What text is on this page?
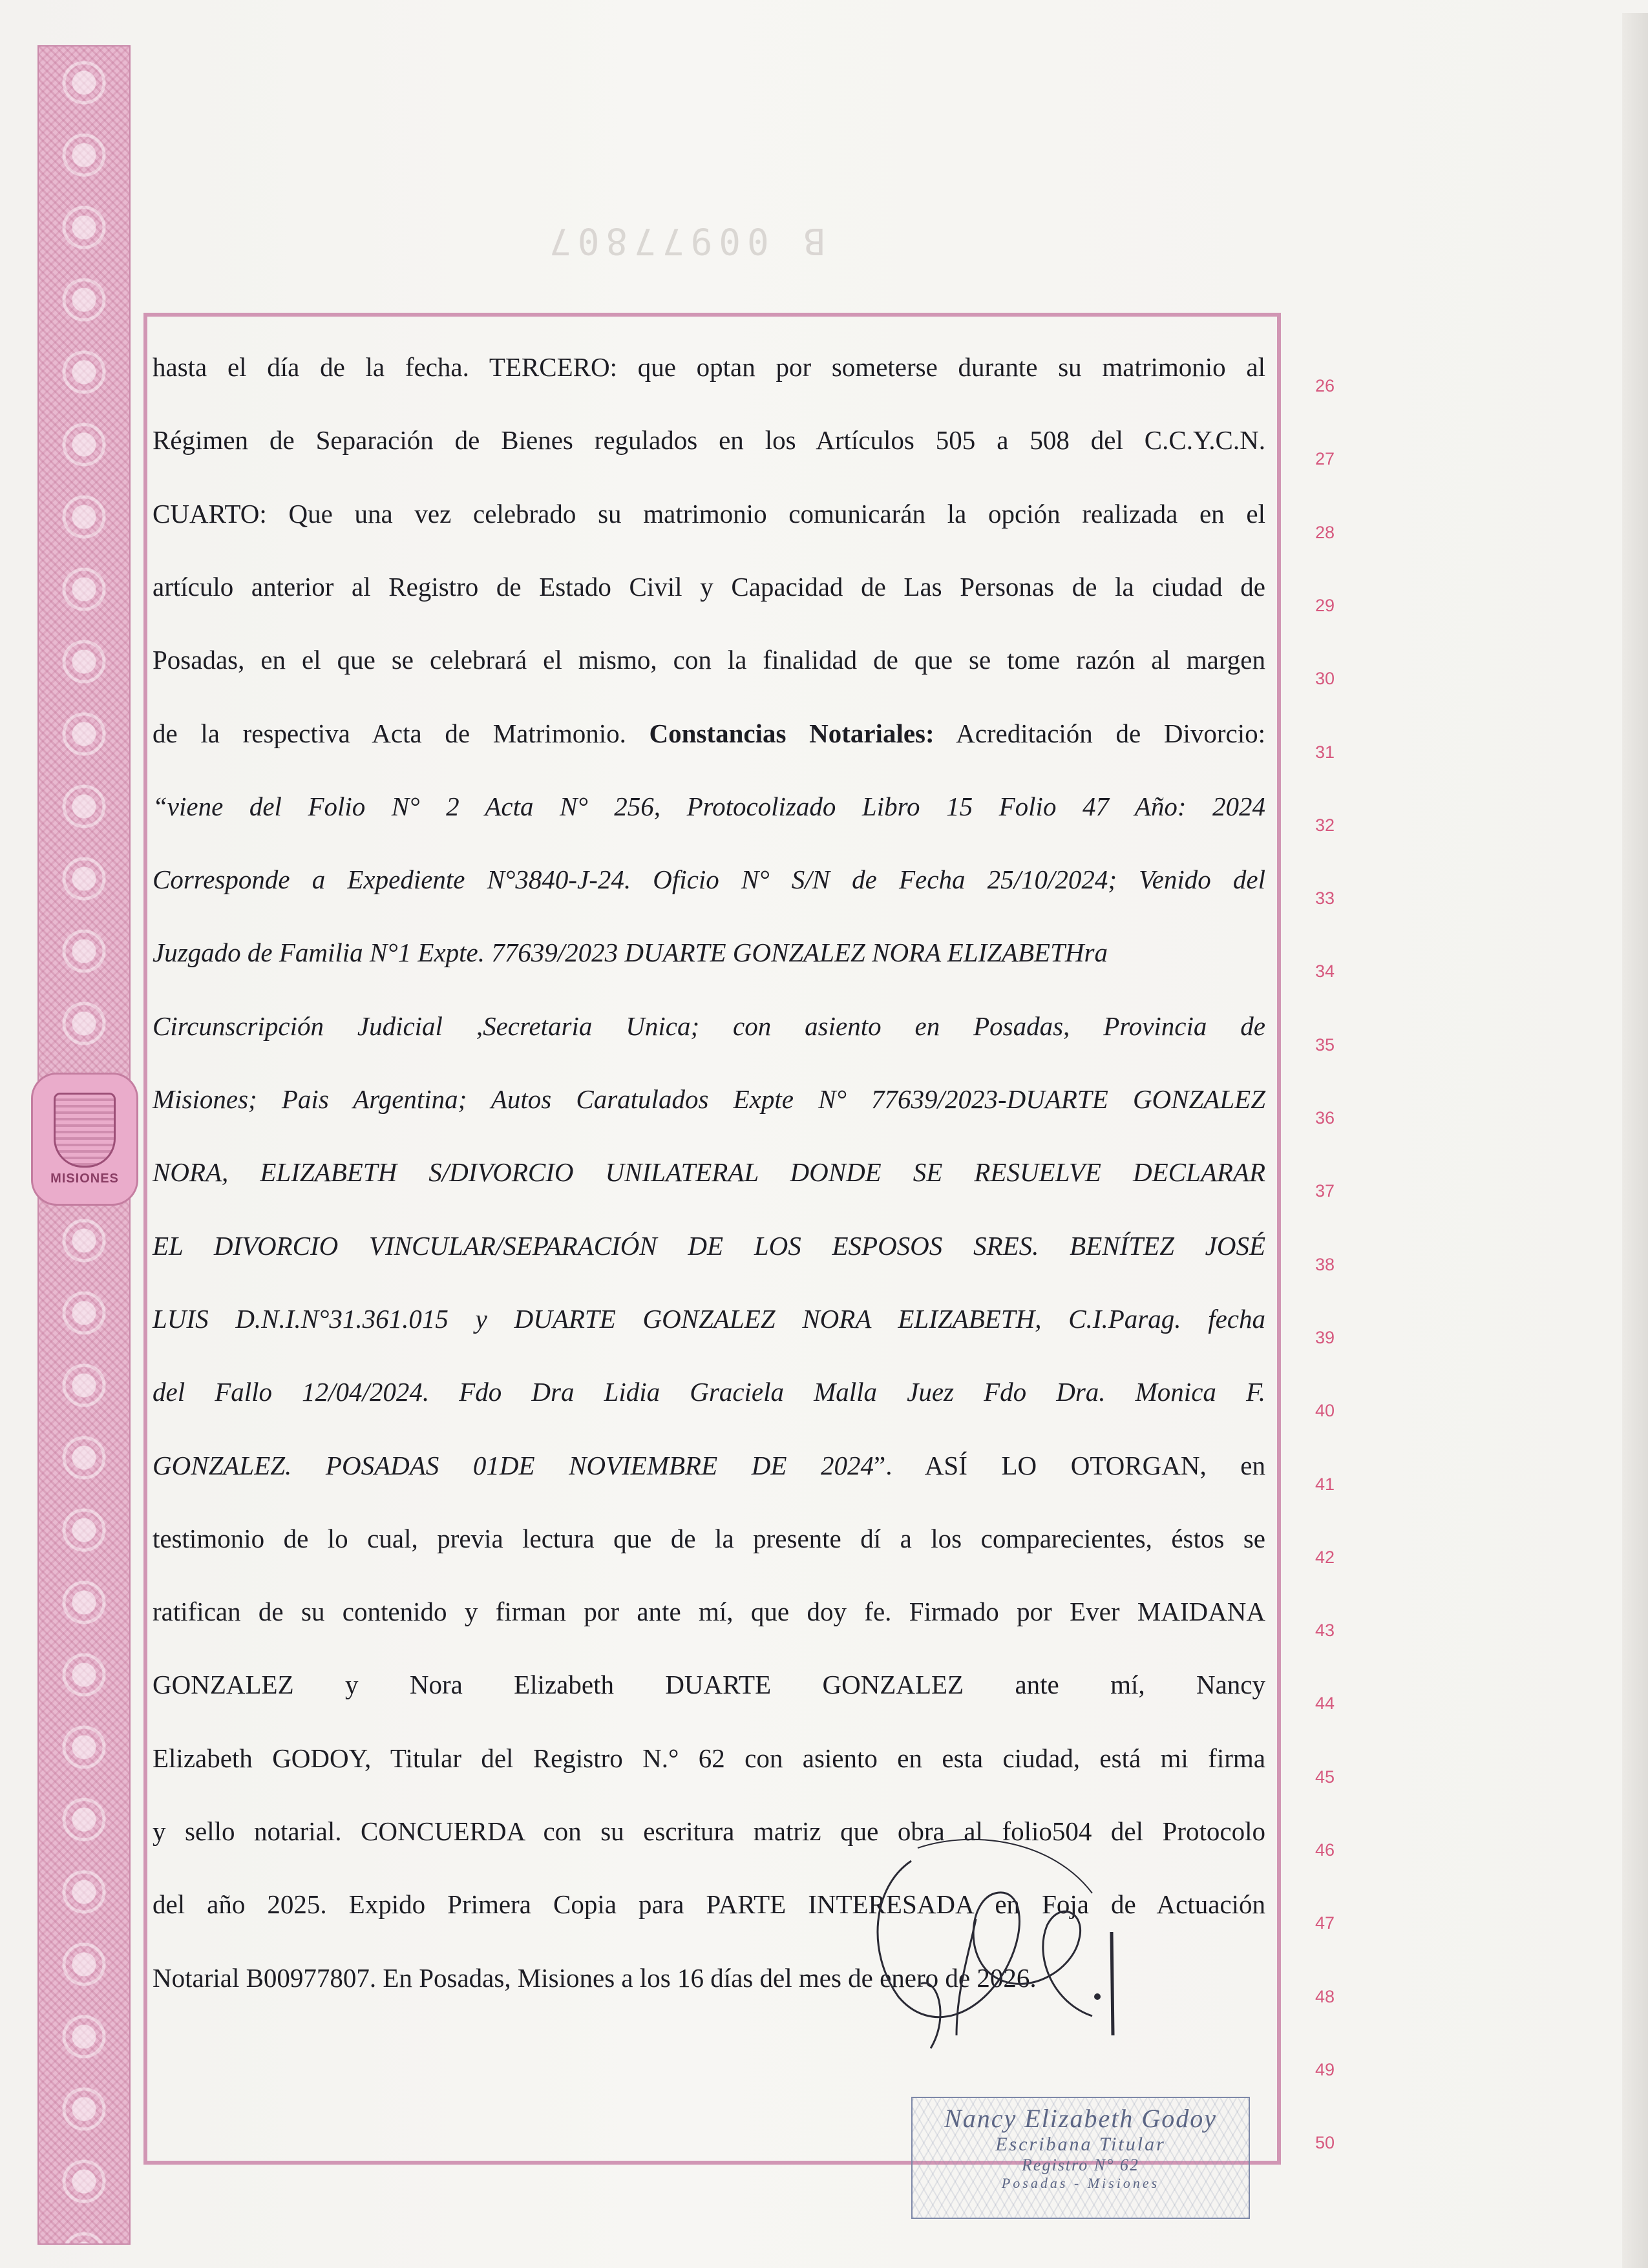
MISIONES
B 00977807
hasta el día de la fecha. TERCERO: que optan por someterse durante su matrimonio al
Régimen de Separación de Bienes regulados en los Artículos 505 a 508 del C.C.Y.C.N.
CUARTO: Que una vez celebrado su matrimonio comunicarán la opción realizada en el
artículo anterior al Registro de Estado Civil y Capacidad de Las Personas de la ciudad de
Posadas, en el que se celebrará el mismo, con la finalidad de que se tome razón al margen
de la respectiva Acta de Matrimonio. Constancias Notariales: Acreditación de Divorcio:
“viene del Folio N° 2 Acta N° 256, Protocolizado Libro 15 Folio 47 Año: 2024
Corresponde a Expediente N°3840-J-24. Oficio N° S/N de Fecha 25/10/2024; Venido del
Juzgado de Familia N°1 Expte. 77639/2023 DUARTE GONZALEZ NORA ELIZABETHra
Circunscripción Judicial ,Secretaria Unica; con asiento en Posadas, Provincia de
Misiones; Pais Argentina; Autos Caratulados Expte N° 77639/2023-DUARTE GONZALEZ
NORA, ELIZABETH S/DIVORCIO UNILATERAL DONDE SE RESUELVE DECLARAR
EL DIVORCIO VINCULAR/SEPARACIÓN DE LOS ESPOSOS SRES. BENÍTEZ JOSÉ
LUIS D.N.I.N°31.361.015 y DUARTE GONZALEZ NORA ELIZABETH, C.I.Parag. fecha
del Fallo 12/04/2024. Fdo Dra Lidia Graciela Malla Juez Fdo Dra. Monica F.
GONZALEZ. POSADAS 01DE NOVIEMBRE DE 2024”. ASÍ LO OTORGAN, en
testimonio de lo cual, previa lectura que de la presente dí a los comparecientes, éstos se
ratifican de su contenido y firman por ante mí, que doy fe. Firmado por Ever MAIDANA
GONZALEZ y Nora Elizabeth DUARTE GONZALEZ ante mí, Nancy
Elizabeth GODOY, Titular del Registro N.° 62 con asiento en esta ciudad, está mi firma
y sello notarial. CONCUERDA con su escritura matriz que obra al folio504 del Protocolo
del año 2025. Expido Primera Copia para PARTE INTERESADA en Foja de Actuación
Notarial B00977807. En Posadas, Misiones a los 16 días del mes de enero de 2026.
26
27
28
29
30
31
32
33
34
35
36
37
38
39
40
41
42
43
44
45
46
47
48
49
50
Nancy Elizabeth Godoy
Escribana Titular
Registro N° 62
Posadas - Misiones
